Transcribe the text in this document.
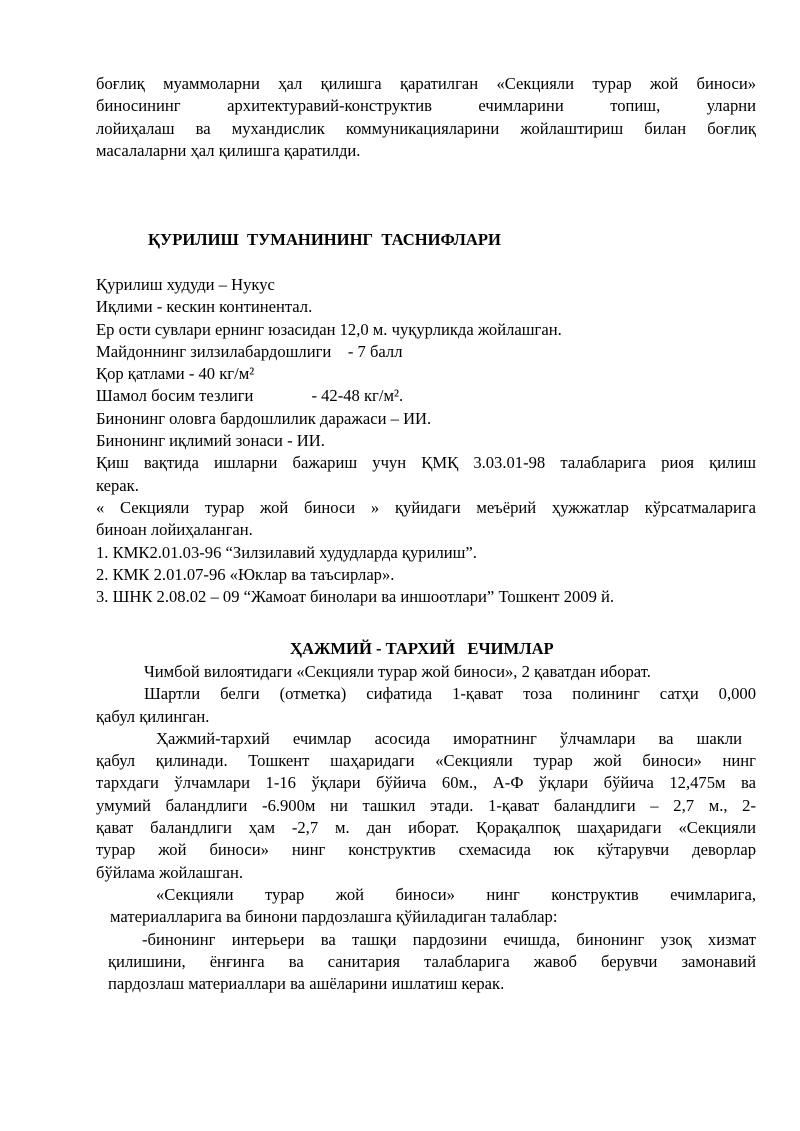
боғлиқ муаммоларни ҳал қилишга қаратилган «Секцияли турар жой биноси»
биносининг архитектуравий-конструктив ечимларини топиш, уларни
лойиҳалаш ва мухандислик коммуникацияларини жойлаштириш билан боғлиқ
масалаларни ҳал қилишга қаратилди.
ҚУРИЛИШ  ТУМАНИНИНГ  ТАСНИФЛАРИ
Қурилиш худуди – Нукус
Иқлими - кескин континентал.
Ер ости сувлари ернинг юзасидан 12,0 м. чуқурликда жойлашган.
Майдоннинг зилзилабардошлиги    - 7 балл
Қор қатлами - 40 кг/м²
Шамол босим тезлиги              - 42-48 кг/м².
Бинонинг оловга бардошлилик даражаси – ИИ.
Бинонинг иқлимий зонаси - ИИ.
Қиш вақтида ишларни бажариш учун ҚМҚ 3.03.01-98 талабларига риоя қилиш
керак.
« Секцияли турар жой биноси » қуйидаги меъёрий ҳужжатлар кўрсатмаларига
биноан лойиҳаланган.
1. КМК2.01.03-96 “Зилзилавий худудларда қурилиш”.
2. КМК 2.01.07-96 «Юклар ва таъсирлар».
3. ШНК 2.08.02 – 09 “Жамоат бинолари ва иншоотлари” Тошкент 2009 й.
ҲАЖМИЙ - ТАРХИЙ   ЕЧИМЛАР
Чимбой вилоятидаги «Секцияли турар жой биноси», 2 қаватдан иборат.
Шартли белги (отметка) сифатида 1-қават тоза полининг сатҳи 0,000
қабул қилинган.
Ҳажмий-тархий ечимлар асосида иморатнинг ўлчамлари ва шакли
қабул қилинади. Тошкент шаҳаридаги «Секцияли турар жой биноси» нинг
тархдаги ўлчамлари 1-16 ўқлари бўйича 60м., А-Ф ўқлари бўйича 12,475м ва
умумий баландлиги -6.900м ни ташкил этади. 1-қават баландлиги – 2,7 м., 2-
қават баландлиги ҳам -2,7 м. дан иборат. Қорақалпоқ шаҳаридаги «Секцияли
турар жой биноси» нинг конструктив схемасида юк кўтарувчи деворлар
бўйлама жойлашган.
«Секцияли турар жой биноси» нинг конструктив ечимларига,
материалларига ва бинони пардозлашга қўйиладиган талаблар:
-бинонинг интерьери ва ташқи пардозини ечишда, бинонинг узоқ хизмат
қилишини, ёнғинга ва санитария талабларига жавоб берувчи замонавий
пардозлаш материаллари ва ашёларини ишлатиш керак.
